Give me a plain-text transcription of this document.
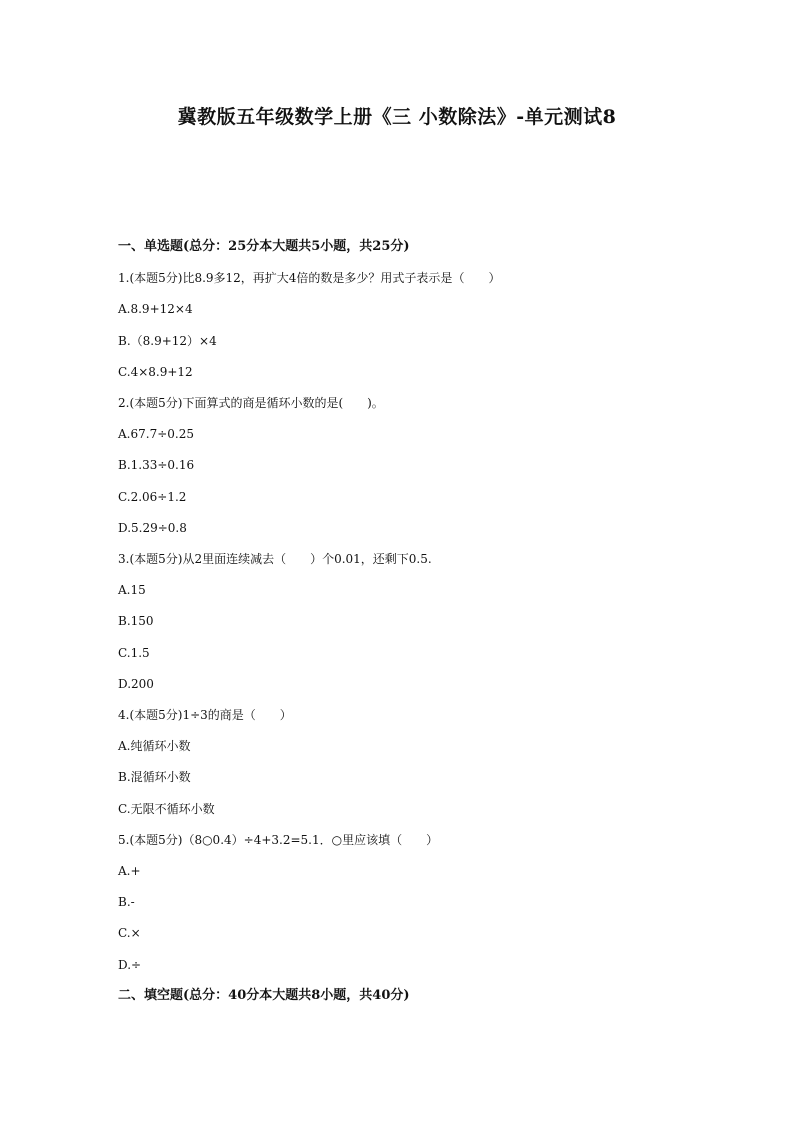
冀教版五年级数学上册《三 小数除法》-单元测试8
一、单选题(总分：25分本大题共5小题，共25分)
1.(本题5分)比8.9多12，再扩大4倍的数是多少？用式子表示是（　　）
A.8.9+12×4
B.（8.9+12）×4
C.4×8.9+12
2.(本题5分)下面算式的商是循环小数的是(　　)。
A.67.7÷0.25
B.1.33÷0.16
C.2.06÷1.2
D.5.29÷0.8
3.(本题5分)从2里面连续减去（　　）个0.01，还剩下0.5.
A.15
B.150
C.1.5
D.200
4.(本题5分)1÷3的商是（　　）
A.纯循环小数
B.混循环小数
C.无限不循环小数
5.(本题5分)（8○0.4）÷4+3.2=5.1．○里应该填（　　）
A.+
B.-
C.×
D.÷
二、填空题(总分：40分本大题共8小题，共40分)
